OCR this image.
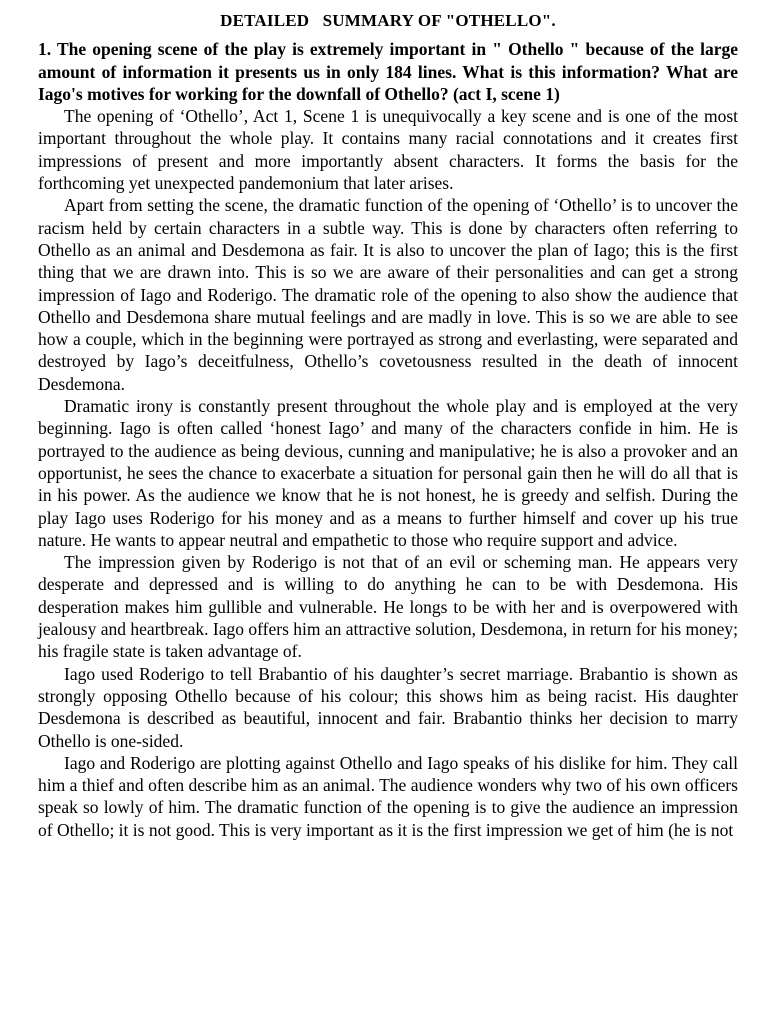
DETAILED   SUMMARY OF "OTHELLO".

1. The opening scene of the play is extremely important in " Othello " because of the large amount of information it presents us in only 184 lines. What is this information? What are Iago's motives for working for the downfall of Othello? (act I, scene 1)

The opening of ‘Othello’, Act 1, Scene 1 is unequivocally a key scene and is one of the most important throughout the whole play. It contains many racial connotations and it creates first impressions of present and more importantly absent characters. It forms the basis for the forthcoming yet unexpected pandemonium that later arises.

Apart from setting the scene, the dramatic function of the opening of ‘Othello’ is to uncover the racism held by certain characters in a subtle way. This is done by characters often referring to Othello as an animal and Desdemona as fair. It is also to uncover the plan of Iago; this is the first thing that we are drawn into. This is so we are aware of their personalities and can get a strong impression of Iago and Roderigo. The dramatic role of the opening to also show the audience that Othello and Desdemona share mutual feelings and are madly in love. This is so we are able to see how a couple, which in the beginning were portrayed as strong and everlasting, were separated and destroyed by Iago’s deceitfulness, Othello’s covetousness resulted in the death of innocent Desdemona.

Dramatic irony is constantly present throughout the whole play and is employed at the very beginning. Iago is often called ‘honest Iago’ and many of the characters confide in him. He is portrayed to the audience as being devious, cunning and manipulative; he is also a provoker and an opportunist, he sees the chance to exacerbate a situation for personal gain then he will do all that is in his power. As the audience we know that he is not honest, he is greedy and selfish. During the play Iago uses Roderigo for his money and as a means to further himself and cover up his true nature. He wants to appear neutral and empathetic to those who require support and advice.

The impression given by Roderigo is not that of an evil or scheming man. He appears very desperate and depressed and is willing to do anything he can to be with Desdemona. His desperation makes him gullible and vulnerable. He longs to be with her and is overpowered with jealousy and heartbreak. Iago offers him an attractive solution, Desdemona, in return for his money; his fragile state is taken advantage of.

Iago used Roderigo to tell Brabantio of his daughter’s secret marriage. Brabantio is shown as strongly opposing Othello because of his colour; this shows him as being racist. His daughter Desdemona is described as beautiful, innocent and fair. Brabantio thinks her decision to marry Othello is one-sided.

Iago and Roderigo are plotting against Othello and Iago speaks of his dislike for him. They call him a thief and often describe him as an animal. The audience wonders why two of his own officers speak so lowly of him. The dramatic function of the opening is to give the audience an impression of Othello; it is not good. This is very important as it is the first impression we get of him (he is not
